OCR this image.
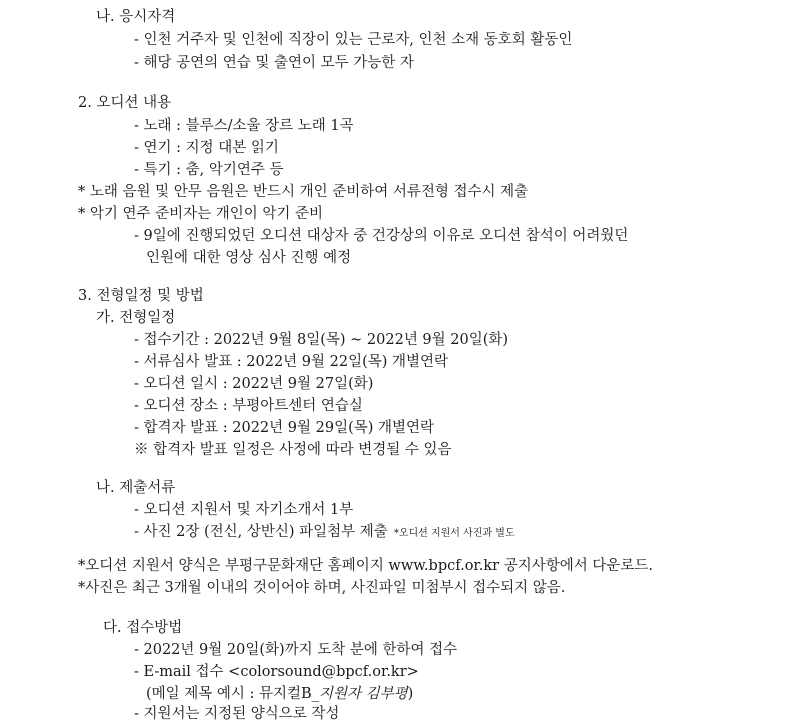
나. 응시자격
- 인천 거주자 및 인천에 직장이 있는 근로자, 인천 소재 동호회 활동인
- 해당 공연의 연습 및 출연이 모두 가능한 자
2. 오디션 내용
- 노래 : 블루스/소울 장르 노래 1곡
- 연기 : 지정 대본 읽기
- 특기 : 춤, 악기연주 등
* 노래 음원 및 안무 음원은 반드시 개인 준비하여 서류전형 접수시 제출
* 악기 연주 준비자는 개인이 악기 준비
- 9일에 진행되었던 오디션 대상자 중 건강상의 이유로 오디션 참석이 어려웠던
인원에 대한 영상 심사 진행 예정
3. 전형일정 및 방법
가. 전형일정
- 접수기간 : 2022년 9월 8일(목) ~ 2022년 9월 20일(화)
- 서류심사 발표 : 2022년 9월 22일(목) 개별연락
- 오디션 일시 : 2022년 9월 27일(화)
- 오디션 장소 : 부평아트센터 연습실
- 합격자 발표 : 2022년 9월 29일(목) 개별연락
※ 합격자 발표 일정은 사정에 따라 변경될 수 있음
나. 제출서류
- 오디션 지원서 및 자기소개서 1부
- 사진 2장 (전신, 상반신) 파일첨부 제출 *오디션 지원서 사진과 별도
*오디션 지원서 양식은 부평구문화재단 홈페이지 www.bpcf.or.kr 공지사항에서 다운로드.
*사진은 최근 3개월 이내의 것이어야 하며, 사진파일 미첨부시 접수되지 않음.
다. 접수방법
- 2022년 9월 20일(화)까지 도착 분에 한하여 접수
- E-mail 접수 <colorsound@bpcf.or.kr>
(메일 제목 예시 : 뮤지컬B_지원자 김부평)
- 지원서는 지정된 양식으로 작성
